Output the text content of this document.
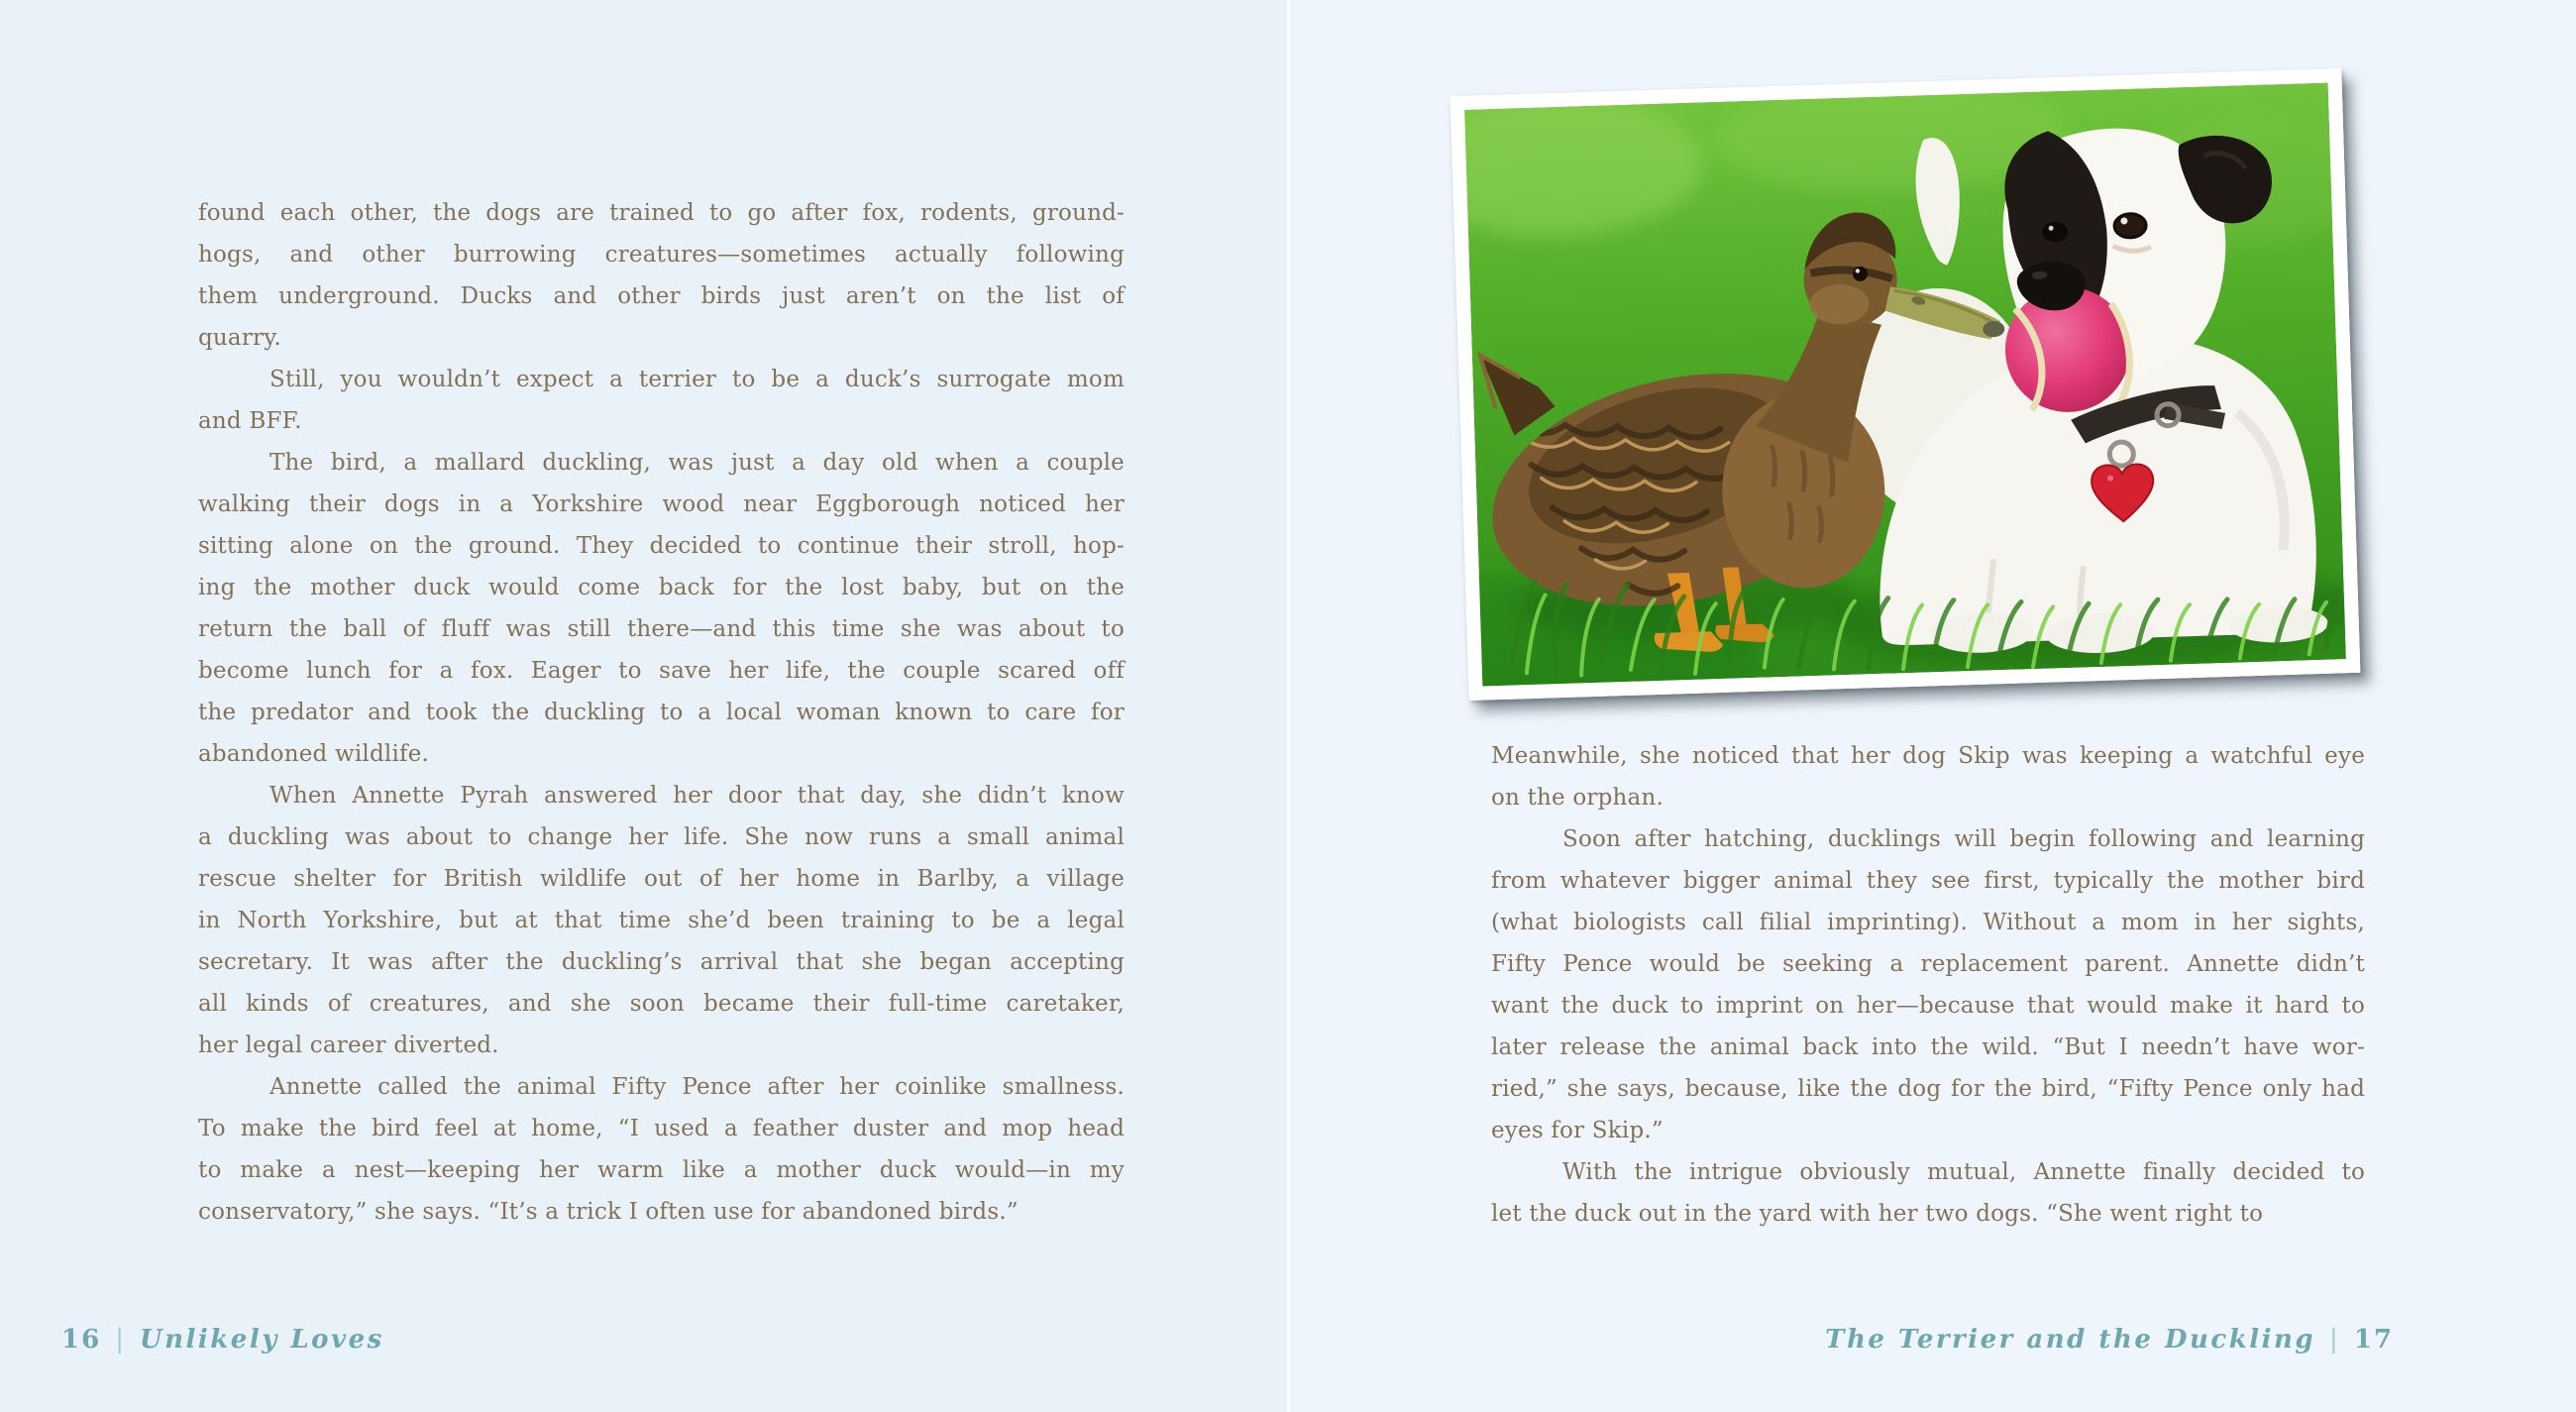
found each other, the dogs are trained to go after fox, rodents, ground-
hogs, and other burrowing creatures—sometimes actually following
them underground. Ducks and other birds just aren’t on the list of
quarry.
Still, you wouldn’t expect a terrier to be a duck’s surrogate mom
and BFF.
The bird, a mallard duckling, was just a day old when a couple
walking their dogs in a Yorkshire wood near Eggborough noticed her
sitting alone on the ground. They decided to continue their stroll, hop-
ing the mother duck would come back for the lost baby, but on the
return the ball of fluff was still there—and this time she was about to
become lunch for a fox. Eager to save her life, the couple scared off
the predator and took the duckling to a local woman known to care for
abandoned wildlife.
When Annette Pyrah answered her door that day, she didn’t know
a duckling was about to change her life. She now runs a small animal
rescue shelter for British wildlife out of her home in Barlby, a village
in North Yorkshire, but at that time she’d been training to be a legal
secretary. It was after the duckling’s arrival that she began accepting
all kinds of creatures, and she soon became their full-time caretaker,
her legal career diverted.
Annette called the animal Fifty Pence after her coinlike smallness.
To make the bird feel at home, “I used a feather duster and mop head
to make a nest—keeping her warm like a mother duck would—in my
conservatory,” she says. “It’s a trick I often use for abandoned birds.”
Meanwhile, she noticed that her dog Skip was keeping a watchful eye
on the orphan.
Soon after hatching, ducklings will begin following and learning
from whatever bigger animal they see first, typically the mother bird
(what biologists call filial imprinting). Without a mom in her sights,
Fifty Pence would be seeking a replacement parent. Annette didn’t
want the duck to imprint on her—because that would make it hard to
later release the animal back into the wild. “But I needn’t have wor-
ried,” she says, because, like the dog for the bird, “Fifty Pence only had
eyes for Skip.”
With the intrigue obviously mutual, Annette finally decided to
let the duck out in the yard with her two dogs. “She went right to
16 | Unlikely Loves	The Terrier and the Duckling | 17
